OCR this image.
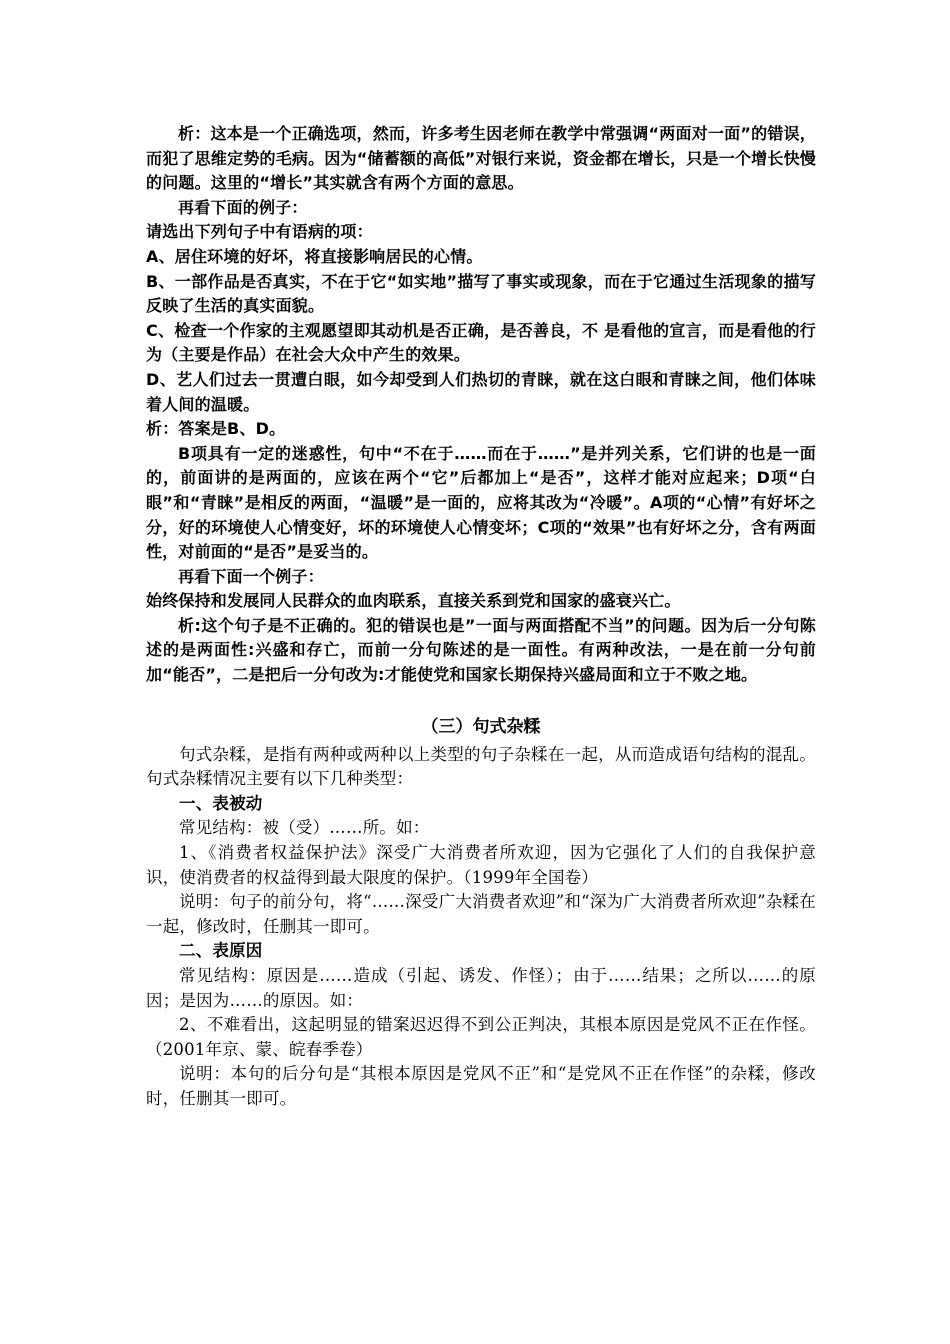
析：这本是一个正确选项，然而，许多考生因老师在教学中常强调“两面对一面”的错误，而犯了思维定势的毛病。因为“储蓄额的高低”对银行来说，资金都在增长，只是一个增长快慢的问题。这里的“增长”其实就含有两个方面的意思。

再看下面的例子：

请选出下列句子中有语病的项：

A、居住环境的好坏，将直接影响居民的心情。

B、一部作品是否真实，不在于它“如实地”描写了事实或现象，而在于它通过生活现象的描写反映了生活的真实面貌。

C、检查一个作家的主观愿望即其动机是否正确，是否善良，不 是看他的宣言，而是看他的行为（主要是作品）在社会大众中产生的效果。

D、艺人们过去一贯遭白眼，如今却受到人们热切的青睐，就在这白眼和青睐之间，他们体味着人间的温暖。

析：答案是B、D。

B项具有一定的迷惑性，句中“不在于……而在于……”是并列关系，它们讲的也是一面的，前面讲的是两面的，应该在两个“它”后都加上“是否”，这样才能对应起来；D项“白眼”和“青睐”是相反的两面，“温暖”是一面的，应将其改为“冷暖”。A项的“心情”有好坏之分，好的环境使人心情变好，坏的环境使人心情变坏；C项的“效果”也有好坏之分，含有两面性，对前面的“是否”是妥当的。

再看下面一个例子：

始终保持和发展同人民群众的血肉联系，直接关系到党和国家的盛衰兴亡。

析:这个句子是不正确的。犯的错误也是”一面与两面搭配不当”的问题。因为后一分句陈述的是两面性:兴盛和存亡，而前一分句陈述的是一面性。有两种改法，一是在前一分句前加“能否”，二是把后一分句改为:才能使党和国家长期保持兴盛局面和立于不败之地。

（三）句式杂糅

句式杂糅，是指有两种或两种以上类型的句子杂糅在一起，从而造成语句结构的混乱。句式杂糅情况主要有以下几种类型：

一、表被动

常见结构：被（受）……所。如：

1、《消费者权益保护法》深受广大消费者所欢迎，因为它强化了人们的自我保护意识，使消费者的权益得到最大限度的保护。（1999年全国卷）

说明：句子的前分句，将“……深受广大消费者欢迎”和“深为广大消费者所欢迎”杂糅在一起，修改时，任删其一即可。

二、表原因

常见结构：原因是……造成（引起、诱发、作怪）；由于……结果；之所以……的原因；是因为……的原因。如：

2、不难看出，这起明显的错案迟迟得不到公正判决，其根本原因是党风不正在作怪。（2001年京、蒙、皖春季卷）

说明：本句的后分句是“其根本原因是党风不正”和“是党风不正在作怪”的杂糅，修改时，任删其一即可。
